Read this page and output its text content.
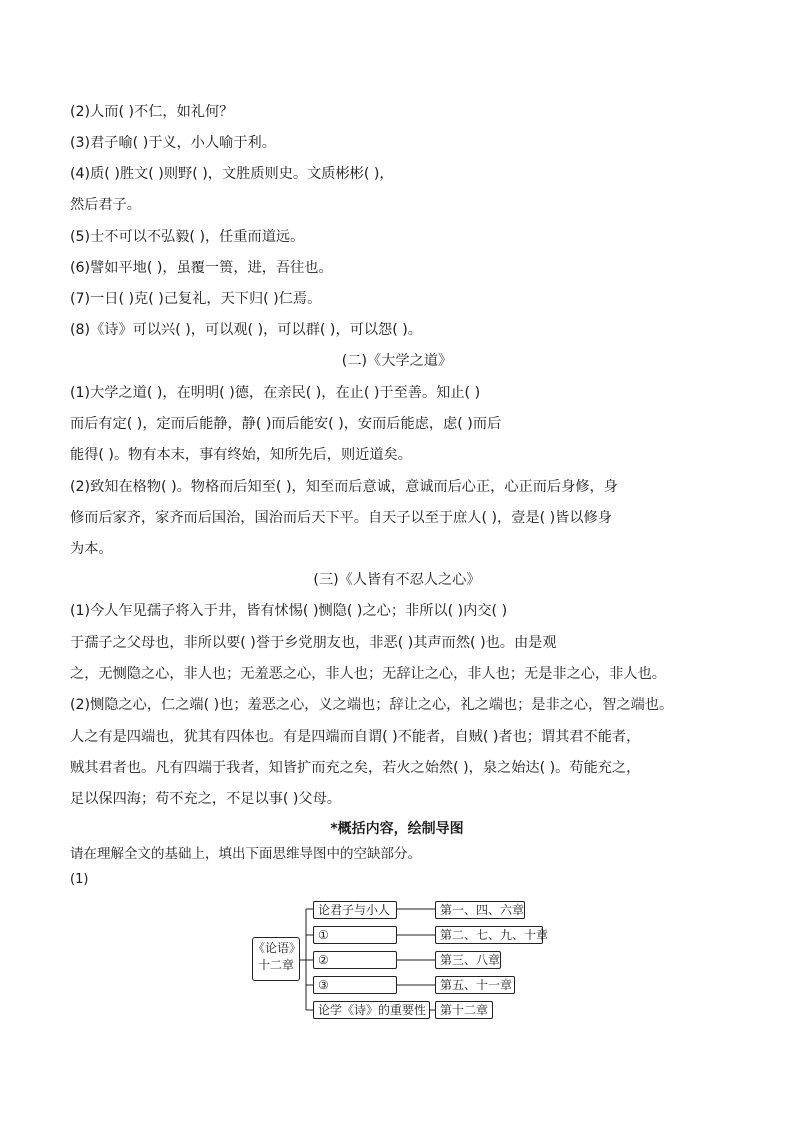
(2)人而( )不仁，如礼何？
(3)君子喻( )于义，小人喻于利。
(4)质( )胜文( )则野( )，文胜质则史。文质彬彬( )，
然后君子。
(5)士不可以不弘毅( )，任重而道远。
(6)譬如平地( )，虽覆一篑，进，吾往也。
(7)一日( )克( )己复礼，天下归( )仁焉。
(8)《诗》可以兴( )，可以观( )，可以群( )，可以怨( )。
(二)《大学之道》
(1)大学之道( )，在明明( )德，在亲民( )，在止( )于至善。知止( )
而后有定( )，定而后能静，静( )而后能安( )，安而后能虑，虑( )而后
能得( )。物有本末，事有终始，知所先后，则近道矣。
(2)致知在格物( )。物格而后知至( )，知至而后意诚，意诚而后心正，心正而后身修，身
修而后家齐，家齐而后国治，国治而后天下平。自天子以至于庶人( )，壹是( )皆以修身
为本。
(三)《人皆有不忍人之心》
(1)今人乍见孺子将入于井，皆有怵惕( )恻隐( )之心；非所以( )内交( )
于孺子之父母也，非所以要( )誉于乡党朋友也，非恶( )其声而然( )也。由是观
之，无恻隐之心，非人也；无羞恶之心，非人也；无辞让之心，非人也；无是非之心，非人也。
(2)恻隐之心，仁之端( )也；羞恶之心，义之端也；辞让之心，礼之端也；是非之心，智之端也。
人之有是四端也，犹其有四体也。有是四端而自谓( )不能者，自贼( )者也；谓其君不能者，
贼其君者也。凡有四端于我者，知皆扩而充之矣，若火之始然( )，泉之始达( )。苟能充之，
足以保四海；苟不充之，不足以事( )父母。
*概括内容，绘制导图
请在理解全文的基础上，填出下面思维导图中的空缺部分。
(1)
《论语》
十二章
论君子与小人
①
②
③
论学《诗》的重要性
第一、四、六章
第二、七、九、十章
第三、八章
第五、十一章
第十二章
